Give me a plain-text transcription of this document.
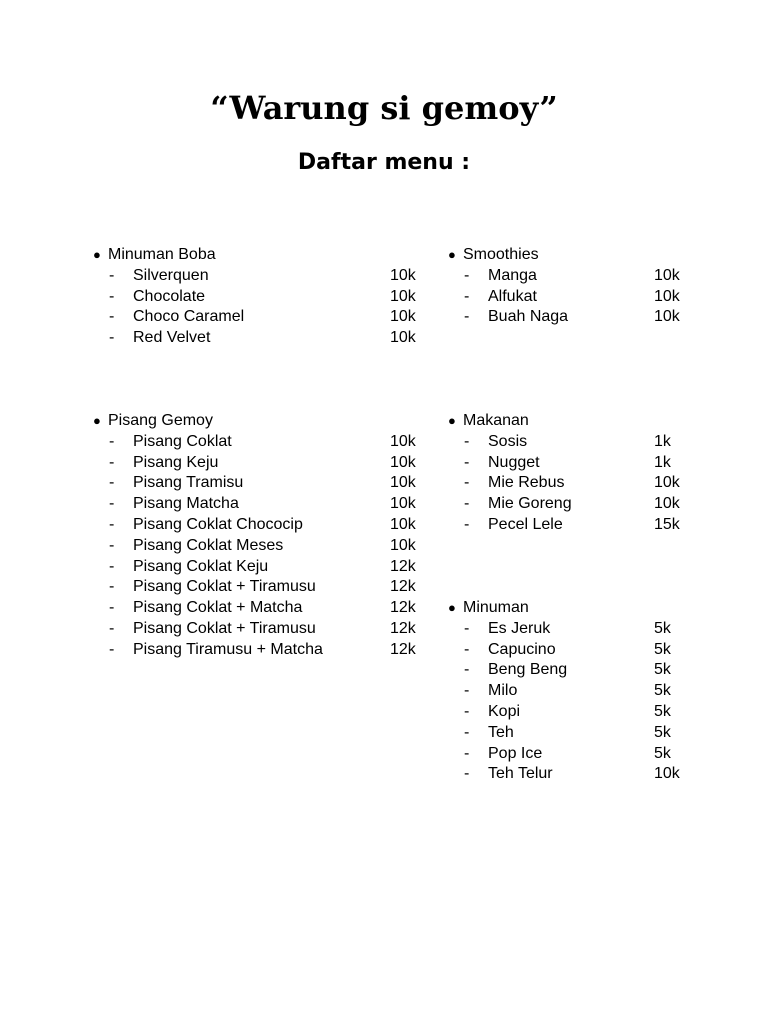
“Warung si gemoy”
Daftar menu :
● Minuman Boba
-	Silverquen	10k
-	Chocolate	10k
-	Choco Caramel	10k
-	Red Velvet	10k
● Pisang Gemoy
-	Pisang Coklat	10k
-	Pisang Keju	10k
-	Pisang Tramisu	10k
-	Pisang Matcha	10k
-	Pisang Coklat Chococip	10k
-	Pisang Coklat Meses	10k
-	Pisang Coklat Keju	12k
-	Pisang Coklat + Tiramusu	12k
-	Pisang Coklat + Matcha	12k
-	Pisang Coklat + Tiramusu	12k
-	Pisang Tiramusu + Matcha	12k
● Smoothies
-	Manga	10k
-	Alfukat	10k
-	Buah Naga	10k
● Makanan
-	Sosis	1k
-	Nugget	1k
-	Mie Rebus	10k
-	Mie Goreng	10k
-	Pecel Lele	15k
● Minuman
-	Es Jeruk	5k
-	Capucino	5k
-	Beng Beng	5k
-	Milo	5k
-	Kopi	5k
-	Teh	5k
-	Pop Ice	5k
-	Teh Telur	10k
